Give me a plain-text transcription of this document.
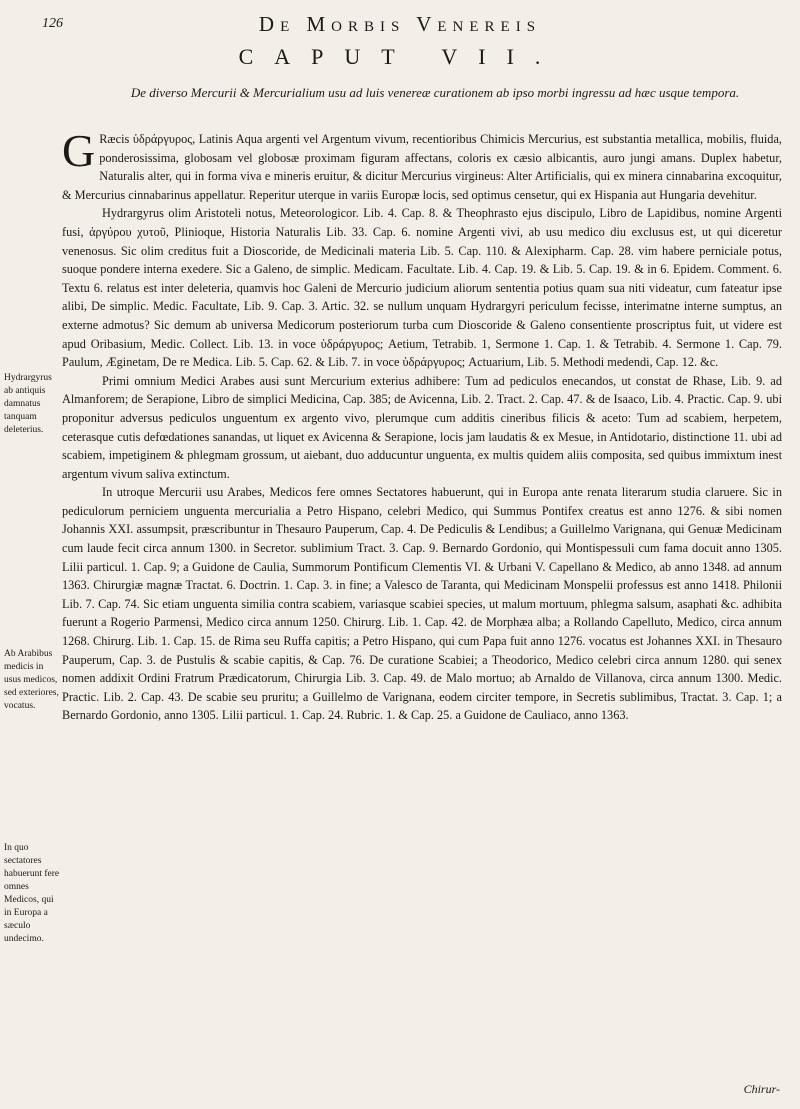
126	De Morbis Venereis
CAPUT VII.
De diverso Mercurii & Mercurialium usu ad luis venereæ curationem ab ipso morbi ingressu ad hæc usque tempora.
Hydrargyrus ab antiquis damnatus tanquam deleterius.
Ab Arabibus medicis in usus medicos, sed exteriores, vocatus.
In quo sectatores habuerunt fere omnes Medicos, qui in Europa a sæculo undecimo.

G Ræcis ὑδράργυρος, Latinis Aqua argenti vel Argentum vivum, recentioribus Chimicis Mercurius, est substantia metallica, mobilis, fluida, ponderosissima, globosam vel globosæ proximam figuram affectans, coloris ex cæsio albicantis, auro jungi amans. Duplex habetur, Naturalis alter, qui in forma viva e mineris eruitur, & dicitur Mercurius virgineus: Alter Artificialis, qui ex minera cinnabarina excoquitur, & Mercurius cinnabarinus appellatur. Reperitur uterque in variis Europæ locis, sed optimus censetur, qui ex Hispania aut Hungaria devehitur.

Hydrargyrus olim Aristoteli notus, Meteorologicor. Lib. 4. Cap. 8. & Theophrasto ejus discipulo, Libro de Lapidibus, nomine Argenti fusi, ἀργύρου χυτοῦ, Plinioque, Historia Naturalis Lib. 33. Cap. 6. nomine Argenti vivi, ab usu medico diu exclusus est, ut qui diceretur venenosus. Sic olim creditus fuit a Dioscoride, de Medicinali materia Lib. 5. Cap. 110. & Alexipharm. Cap. 28. vim habere perniciale potus, suoque pondere interna exedere. Sic a Galeno, de simplic. Medicam. Facultate. Lib. 4. Cap. 19. & Lib. 5. Cap. 19. & in 6. Epidem. Comment. 6. Textu 6. relatus est inter deleteria, quamvis hoc Galeni de Mercurio judicium aliorum sententia potius quam sua niti videatur, cum fateatur ipse alibi, De simplic. Medic. Facultate, Lib. 9. Cap. 3. Artic. 32. se nullum unquam Hydrargyri periculum fecisse, interimatne interne sumptus, an externe admotus? Sic demum ab universa Medicorum posteriorum turba cum Dioscoride & Galeno consentiente proscriptus fuit, ut videre est apud Oribasium, Medic. Collect. Lib. 13. in voce ὑδράργυρος; Aetium, Tetrabib. 1, Sermone 1. Cap. 1. & Tetrabib. 4. Sermone 1. Cap. 79. Paulum, Æginetam, De re Medica. Lib. 5. Cap. 62. & Lib. 7. in voce ὑδράργυρος; Actuarium, Lib. 5. Methodi medendi, Cap. 12. &c.

Primi omnium Medici Arabes ausi sunt Mercurium exterius adhibere: Tum ad pediculos enecandos, ut constat de Rhase, Lib. 9. ad Almanforem; de Serapione, Libro de simplici Medicina, Cap. 385; de Avicenna, Lib. 2. Tract. 2. Cap. 47. & de Isaaco, Lib. 4. Practic. Cap. 9. ubi proponitur adversus pediculos unguentum ex argento vivo, plerumque cum additis cineribus filicis & aceto: Tum ad scabiem, herpetem, ceterasque cutis defœdationes sanandas, ut liquet ex Avicenna & Serapione, locis jam laudatis & ex Mesue, in Antidotario, distinctione 11. ubi ad scabiem, impetiginem & phlegmam grossum, ut aiebant, duo adducuntur unguenta, ex multis quidem aliis composita, sed quibus immixtum inest argentum vivum saliva extinctum.

In utroque Mercurii usu Arabes, Medicos fere omnes Sectatores habuerunt, qui in Europa ante renata literarum studia claruere. Sic in pediculorum perniciem unguenta mercurialia a Petro Hispano, celebri Medico, qui Summus Pontifex creatus est anno 1276. & sibi nomen Johannis XXI. assumpsit, præscribuntur in Thesauro Pauperum, Cap. 4. De Pediculis & Lendibus; a Guillelmo Varignana, qui Genuæ Medicinam cum laude fecit circa annum 1300. in Secretor. sublimium Tract. 3. Cap. 9. Bernardo Gordonio, qui Montispessuli cum fama docuit anno 1305. Lilii particul. 1. Cap. 9; a Guidone de Caulia, Summorum Pontificum Clementis VI. & Urbani V. Capellano & Medico, ab anno 1348. ad annum 1363. Chirurgiæ magnæ Tractat. 6. Doctrin. 1. Cap. 3. in fine; a Valesco de Taranta, qui Medicinam Monspelii professus est anno 1418. Philonii Lib. 7. Cap. 74. Sic etiam unguenta similia contra scabiem, variasque scabiei species, ut malum mortuum, phlegma salsum, asaphati &c. adhibita fuerunt a Rogerio Parmensi, Medico circa annum 1250. Chirurg. Lib. 1. Cap. 42. de Morphæa alba; a Rollando Capelluto, Medico, circa annum 1268. Chirurg. Lib. 1. Cap. 15. de Rima seu Ruffa capitis; a Petro Hispano, qui cum Papa fuit anno 1276. vocatus est Johannes XXI. in Thesauro Pauperum, Cap. 3. de Pustulis & scabie capitis, & Cap. 76. De curatione Scabiei; a Theodorico, Medico celebri circa annum 1280. qui senex nomen addixit Ordini Fratrum Prædicatorum, Chirurgia Lib. 3. Cap. 49. de Malo mortuo; ab Arnaldo de Villanova, circa annum 1300. Medic. Practic. Lib. 2. Cap. 43. De scabie seu pruritu; a Guillelmo de Varignana, eodem circiter tempore, in Secretis sublimibus, Tractat. 3. Cap. 1; a Bernardo Gordonio, anno 1305. Lilii particul. 1. Cap. 24. Rubric. 1. & Cap. 25. a Guidone de Cauliaco, anno 1363.

Chirur-
